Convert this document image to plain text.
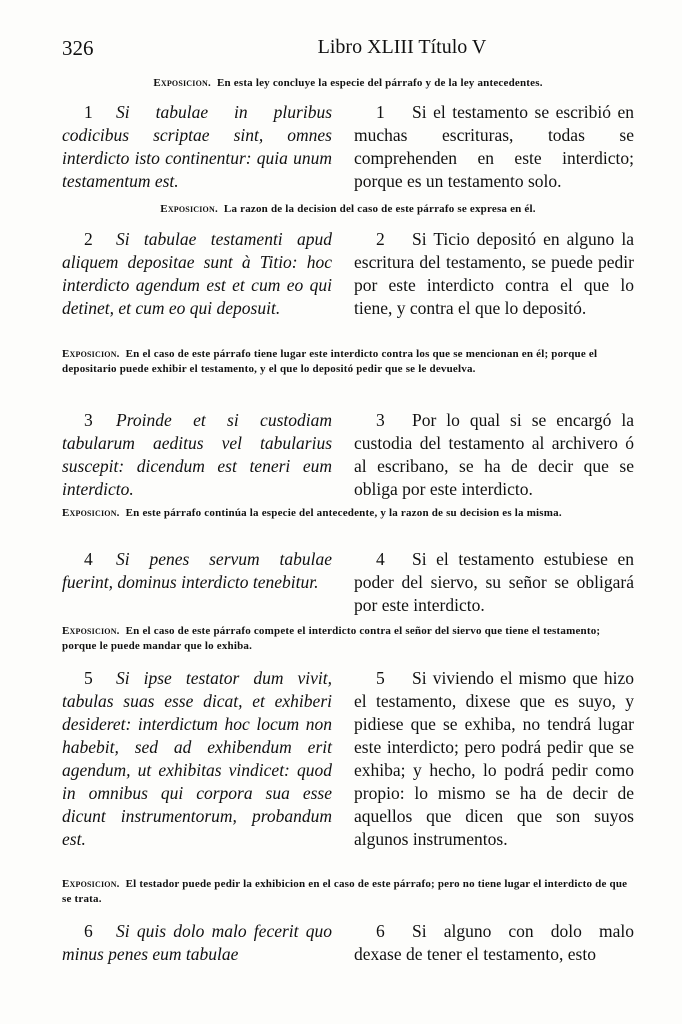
326	Libro XLIII Título V
Exposicion. En esta ley concluye la especie del párrafo y de la ley antecedentes.
1 Si tabulae in pluribus codicibus scriptae sint, omnes interdicto isto continentur: quia unum testamentum est.
1 Si el testamento se escribió en muchas escrituras, todas se comprehenden en este interdicto; porque es un testamento solo.
Exposicion. La razon de la decision del caso de este párrafo se expresa en él.
2 Si tabulae testamenti apud aliquem depositae sunt à Titio: hoc interdicto agendum est et cum eo qui detinet, et cum eo qui deposuit.
2 Si Ticio depositó en alguno la escritura del testamento, se puede pedir por este interdicto contra el que lo tiene, y contra el que lo depositó.
Exposicion. En el caso de este párrafo tiene lugar este interdicto contra los que se mencionan en él; porque el depositario puede exhibir el testamento, y el que lo depositó pedir que se le devuelva.
3 Proinde et si custodiam tabularum aeditus vel tabularius suscepit: dicendum est teneri eum interdicto.
3 Por lo qual si se encargó la custodia del testamento al archivero ó al escribano, se ha de decir que se obliga por este interdicto.
Exposicion. En este párrafo continúa la especie del antecedente, y la razon de su decision es la misma.
4 Si penes servum tabulae fuerint, dominus interdicto tenebitur.
4 Si el testamento estubiese en poder del siervo, su señor se obligará por este interdicto.
Exposicion. En el caso de este párrafo compete el interdicto contra el señor del siervo que tiene el testamento; porque le puede mandar que lo exhiba.
5 Si ipse testator dum vivit, tabulas suas esse dicat, et exhiberi desideret: interdictum hoc locum non habebit, sed ad exhibendum erit agendum, ut exhibitas vindicet: quod in omnibus qui corpora sua esse dicunt instrumentorum, probandum est.
5 Si viviendo el mismo que hizo el testamento, dixese que es suyo, y pidiese que se exhiba, no tendrá lugar este interdicto; pero podrá pedir que se exhiba; y hecho, lo podrá pedir como propio: lo mismo se ha de decir de aquellos que dicen que son suyos algunos instrumentos.
Exposicion. El testador puede pedir la exhibicion en el caso de este párrafo; pero no tiene lugar el interdicto de que se trata.
6 Si quis dolo malo fecerit quo minus penes eum tabulae
6 Si alguno con dolo malo dexase de tener el testamento, esto
